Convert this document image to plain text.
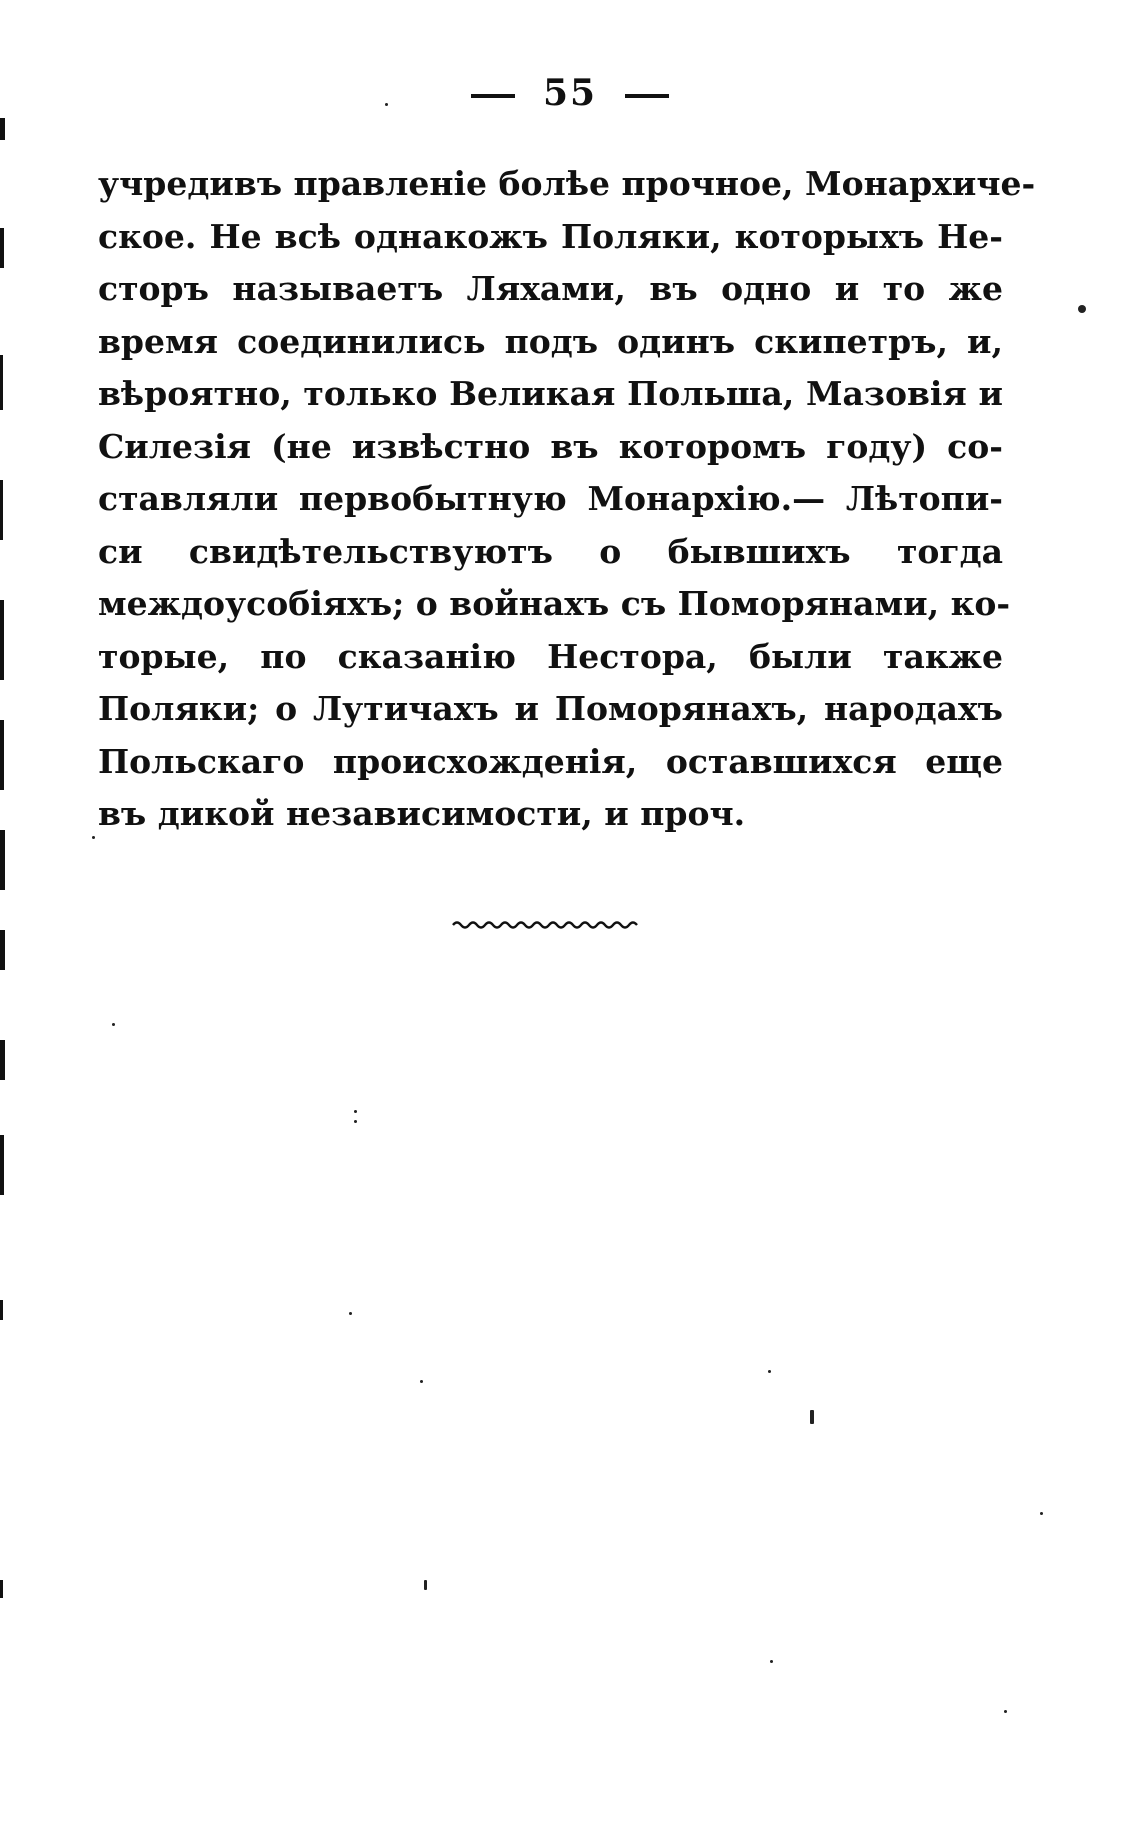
55
учредивъ правленіе болѣе прочное, Монархиче-
ское. Не всѣ однакожъ Поляки, которыхъ Не-
сторъ называетъ Ляхами, въ одно и то же
время соединились подъ одинъ скипетръ, и,
вѣроятно, только Великая Польша, Мазовія и
Силезія (не извѣстно въ которомъ году) со-
ставляли первобытную Монархію.— Лѣтопи-
си свидѣтельствуютъ о бывшихъ тогда
междоусобіяхъ; о войнахъ съ Поморянами, ко-
торые, по сказанію Нестора, были также
Поляки; о Лутичахъ и Поморянахъ, народахъ
Польскаго происхожденія, оставшихся еще
въ дикой независимости, и проч.
